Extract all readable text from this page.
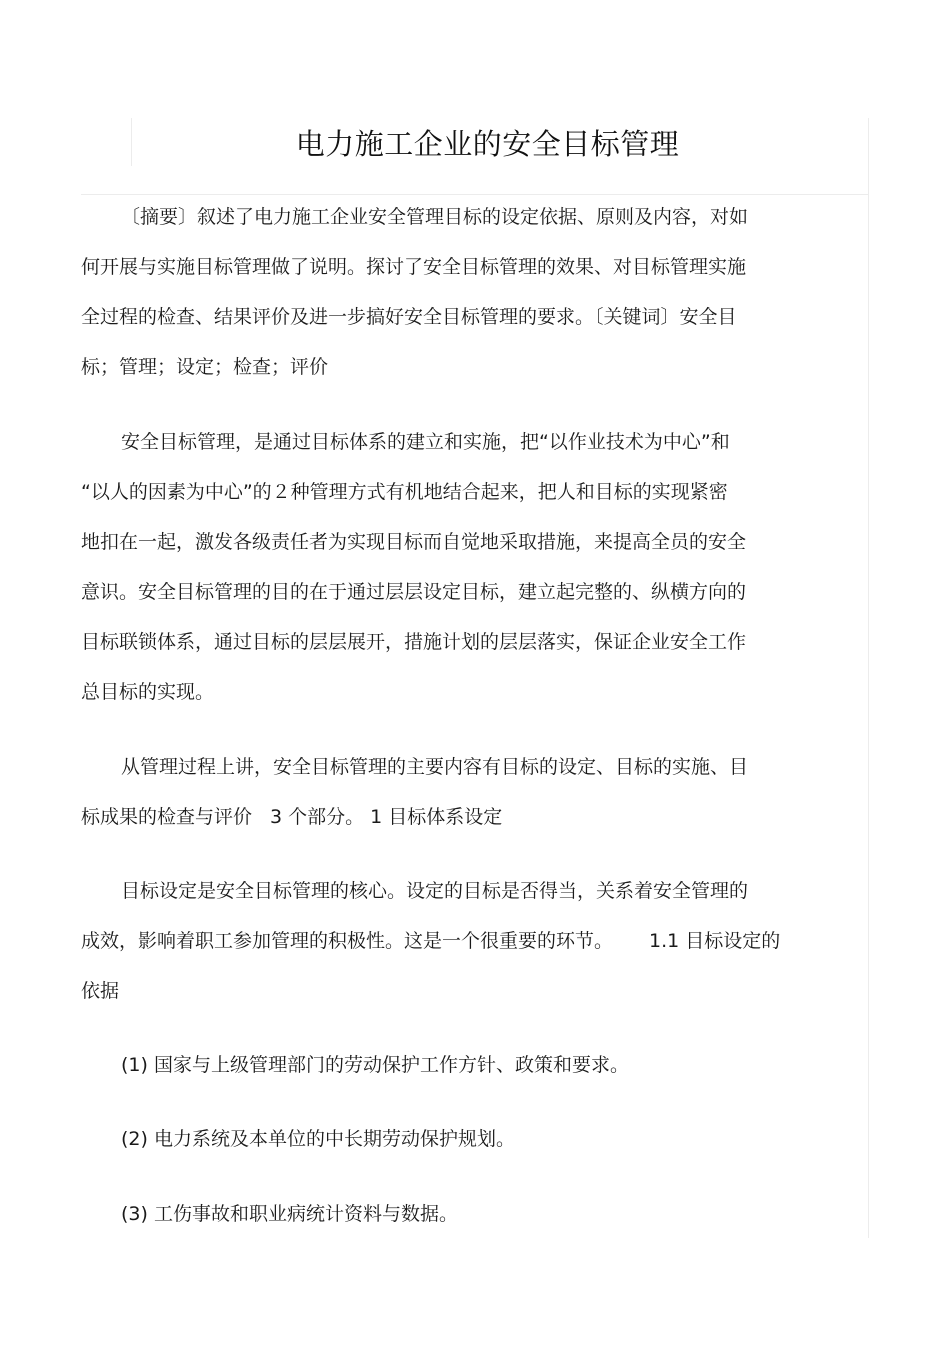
电力施工企业的安全目标管理
〔摘要〕叙述了电力施工企业安全管理目标的设定依据、原则及内容，对如
何开展与实施目标管理做了说明。探讨了安全目标管理的效果、对目标管理实施
全过程的检查、结果评价及进一步搞好安全目标管理的要求。〔关键词〕安全目
标；管理；设定；检查；评价
安全目标管理，是通过目标体系的建立和实施，把“以作业技术为中心”和
“以人的因素为中心”的２种管理方式有机地结合起来，把人和目标的实现紧密
地扣在一起，激发各级责任者为实现目标而自觉地采取措施，来提高全员的安全
意识。安全目标管理的目的在于通过层层设定目标，建立起完整的、纵横方向的
目标联锁体系，通过目标的层层展开，措施计划的层层落实，保证企业安全工作
总目标的实现。
从管理过程上讲，安全目标管理的主要内容有目标的设定、目标的实施、目
标成果的检查与评价 3 个部分。 1 目标体系设定
目标设定是安全目标管理的核心。设定的目标是否得当，关系着安全管理的
成效，影响着职工参加管理的积极性。这是一个很重要的环节。 1.1 目标设定的
依据
(1) 国家与上级管理部门的劳动保护工作方针、政策和要求。
(2) 电力系统及本单位的中长期劳动保护规划。
(3) 工伤事故和职业病统计资料与数据。
